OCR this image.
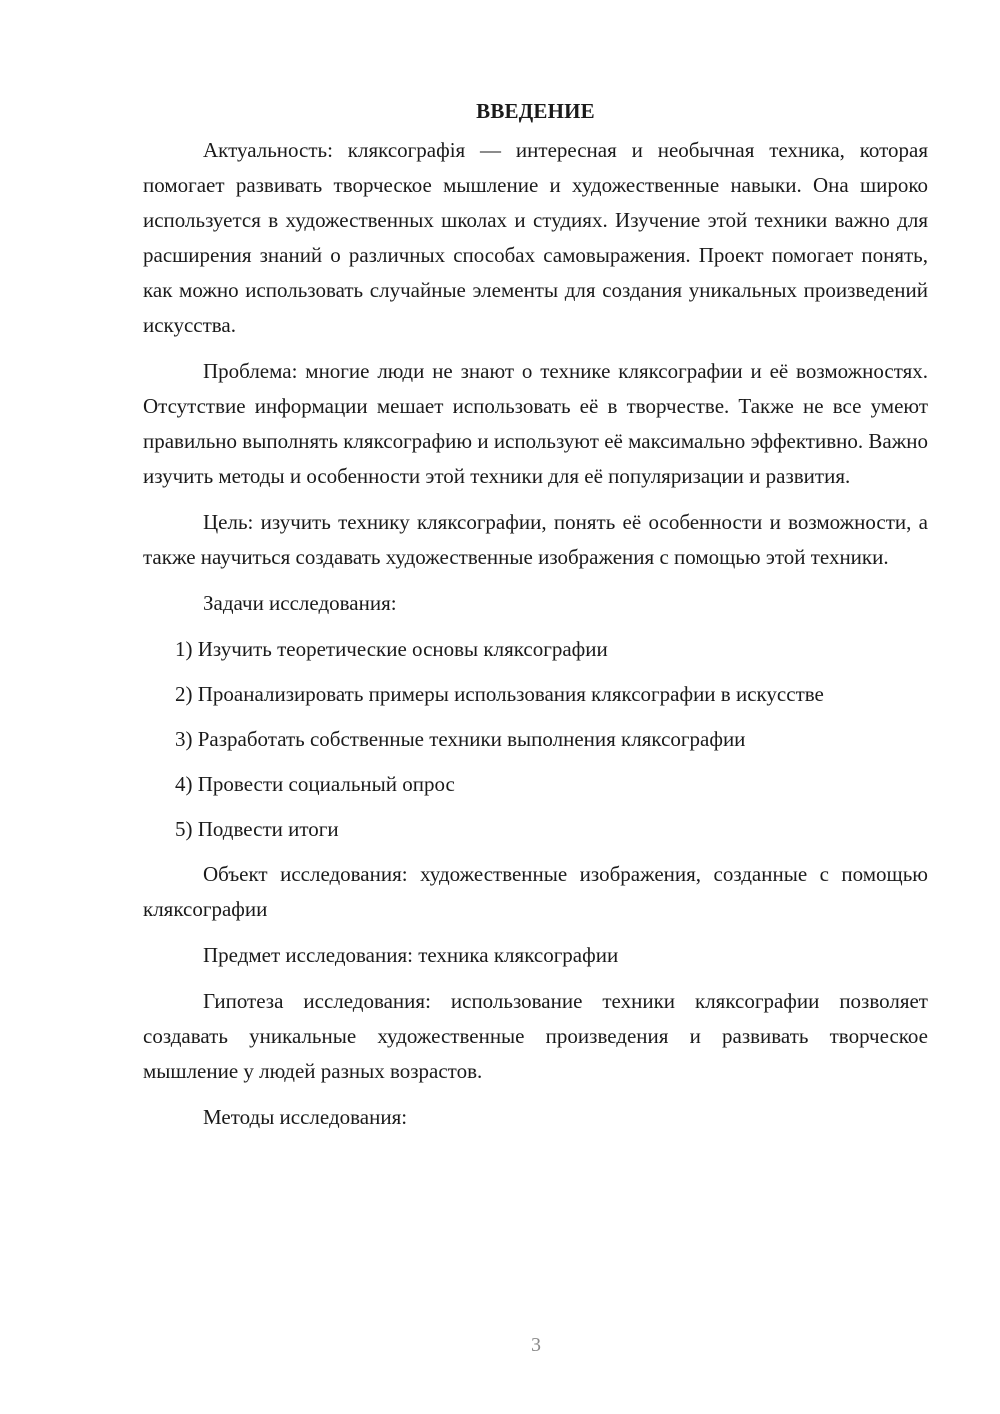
ВВЕДЕНИЕ

Актуальность: кляксографія — интересная и необычная техника, которая помогает развивать творческое мышление и художественные навыки. Она широко используется в художественных школах и студиях. Изучение этой техники важно для расширения знаний о различных способах самовыражения. Проект помогает понять, как можно использовать случайные элементы для создания уникальных произведений искусства.

Проблема: многие люди не знают о технике кляксографии и её возможностях. Отсутствие информации мешает использовать её в творчестве. Также не все умеют правильно выполнять кляксографию и используют её максимально эффективно. Важно изучить методы и особенности этой техники для её популяризации и развития.

Цель: изучить технику кляксографии, понять её особенности и возможности, а также научиться создавать художественные изображения с помощью этой техники.

Задачи исследования:

1) Изучить теоретические основы кляксографии

2) Проанализировать примеры использования кляксографии в искусстве

3) Разработать собственные техники выполнения кляксографии

4) Провести социальный опрос

5) Подвести итоги

Объект исследования: художественные изображения, созданные с помощью кляксографии

Предмет исследования: техника кляксографии

Гипотеза исследования: использование техники кляксографии позволяет создавать уникальные художественные произведения и развивать творческое мышление у людей разных возрастов.

Методы исследования:

3
